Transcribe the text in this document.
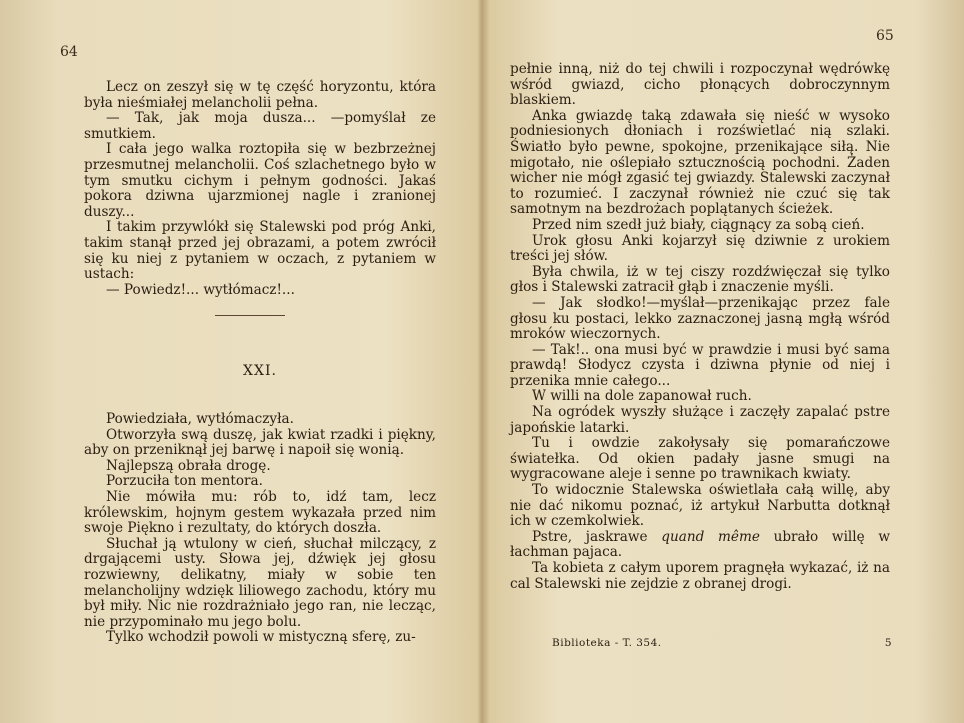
64

Lecz on zeszył się w tę część horyzontu, która była nieśmiałej melancholii pełna.

— Tak, jak moja dusza... —pomyślał ze smutkiem.

I cała jego walka roztopiła się w bezbrzeżnej przesmutnej melancholii. Coś szlachetnego było w tym smutku cichym i pełnym godności. Jakaś pokora dziwna ujarzmionej nagle i zranionej duszy...

I takim przywlókł się Stalewski pod próg Anki, takim stanął przed jej obrazami, a potem zwrócił się ku niej z pytaniem w oczach, z pytaniem w ustach:

— Powiedz!... wytłómacz!...

XXI.

Powiedziała, wytłómaczyła.

Otworzyła swą duszę, jak kwiat rzadki i piękny, aby on przeniknął jej barwę i napoił się wonią.

Najlepszą obrała drogę.

Porzuciła ton mentora.

Nie mówiła mu: rób to, idź tam, lecz królewskim, hojnym gestem wykazała przed nim swoje Piękno i rezultaty, do których doszła.

Słuchał ją wtulony w cień, słuchał milczący, z drgającemi usty. Słowa jej, dźwięk jej głosu rozwiewny, delikatny, miały w sobie ten melancholijny wdzięk liliowego zachodu, który mu był miły. Nic nie rozdrażniało jego ran, nie lecząc, nie przypominało mu jego bolu.

Tylko wchodził powoli w mistyczną sferę, zu-

65

pełnie inną, niż do tej chwili i rozpoczynał wędrówkę wśród gwiazd, cicho płonących dobroczynnym blaskiem.

Anka gwiazdę taką zdawała się nieść w wysoko podniesionych dłoniach i rozświetlać nią szlaki. Światło było pewne, spokojne, przenikające siłą. Nie migotało, nie oślepiało sztucznością pochodni. Żaden wicher nie mógł zgasić tej gwiazdy. Stalewski zaczynał to rozumieć. I zaczynał również nie czuć się tak samotnym na bezdrożach poplątanych ścieżek.

Przed nim szedł już biały, ciągnący za sobą cień.

Urok głosu Anki kojarzył się dziwnie z urokiem treści jej słów.

Była chwila, iż w tej ciszy rozdźwięczał się tylko głos i Stalewski zatracił głąb i znaczenie myśli.

— Jak słodko!—myślał—przenikając przez fale głosu ku postaci, lekko zaznaczonej jasną mgłą wśród mroków wieczornych.

— Tak!.. ona musi być w prawdzie i musi być sama prawdą! Słodycz czysta i dziwna płynie od niej i przenika mnie całego...

W willi na dole zapanował ruch.

Na ogródek wyszły służące i zaczęły zapalać pstre japońskie latarki.

Tu i owdzie zakołysały się pomarańczowe światełka. Od okien padały jasne smugi na wygracowane aleje i senne po trawnikach kwiaty.

To widocznie Stalewska oświetlała całą willę, aby nie dać nikomu poznać, iż artykuł Narbutta dotknął ich w czemkolwiek.

Pstre, jaskrawe quand même ubrało willę w łachman pajaca.

Ta kobieta z całym uporem pragnęła wykazać, iż na cal Stalewski nie zejdzie z obranej drogi.

Biblioteka - T. 354.	5
